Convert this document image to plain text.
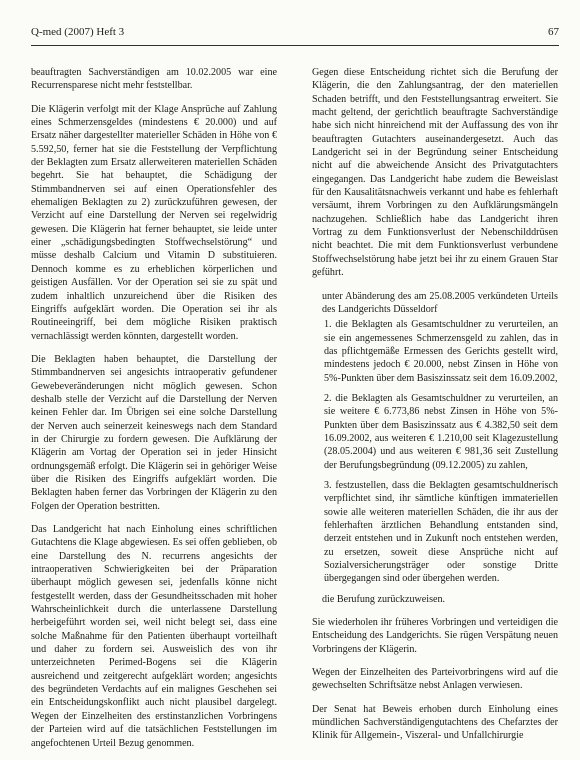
Q-med (2007) Heft 3	67

beauftragten Sachverständigen am 10.02.2005 war eine Recurrensparese nicht mehr feststellbar.

Die Klägerin verfolgt mit der Klage Ansprüche auf Zahlung eines Schmerzensgeldes (mindestens € 20.000) und auf Ersatz näher dargestellter materieller Schäden in Höhe von € 5.592,50, ferner hat sie die Feststellung der Verpflichtung der Beklagten zum Ersatz allerweiteren materiellen Schäden begehrt. Sie hat behauptet, die Schädigung der Stimmbandnerven sei auf einen Operationsfehler des ehemaligen Beklagten zu 2) zurückzuführen gewesen, der Verzicht auf eine Darstellung der Nerven sei regelwidrig gewesen. Die Klägerin hat ferner behauptet, sie leide unter einer „schädigungsbedingten Stoffwechselstörung“ und müsse deshalb Calcium und Vitamin D substituieren. Dennoch komme es zu erheblichen körperlichen und geistigen Ausfällen. Vor der Operation sei sie zu spät und zudem inhaltlich unzureichend über die Risiken des Eingriffs aufgeklärt worden. Die Operation sei ihr als Routineeingriff, bei dem mögliche Risiken praktisch vernachlässigt werden könnten, dargestellt worden.

Die Beklagten haben behauptet, die Darstellung der Stimmbandnerven sei angesichts intraoperativ gefundener Gewebeveränderungen nicht möglich gewesen. Schon deshalb stelle der Verzicht auf die Darstellung der Nerven keinen Fehler dar. Im Übrigen sei eine solche Darstellung der Nerven auch seinerzeit keineswegs nach dem Standard in der Chirurgie zu fordern gewesen. Die Aufklärung der Klägerin am Vortag der Operation sei in jeder Hinsicht ordnungsgemäß erfolgt. Die Klägerin sei in gehöriger Weise über die Risiken des Eingriffs aufgeklärt worden. Die Beklagten haben ferner das Vorbringen der Klägerin zu den Folgen der Operation bestritten.

Das Landgericht hat nach Einholung eines schriftlichen Gutachtens die Klage abgewiesen. Es sei offen geblieben, ob eine Darstellung des N. recurrens angesichts der intraoperativen Schwierigkeiten bei der Präparation überhaupt möglich gewesen sei, jedenfalls könne nicht festgestellt werden, dass der Gesundheitsschaden mit hoher Wahrscheinlichkeit durch die unterlassene Darstellung herbeigeführt worden sei, weil nicht belegt sei, dass eine solche Maßnahme für den Patienten überhaupt vorteilhaft und daher zu fordern sei. Ausweislich des von ihr unterzeichneten Perimed-Bogens sei die Klägerin ausreichend und zeitgerecht aufgeklärt worden; angesichts des begründeten Verdachts auf ein malignes Geschehen sei ein Entscheidungskonflikt auch nicht plausibel dargelegt. Wegen der Einzelheiten des erstinstanzlichen Vorbringens der Parteien wird auf die tatsächlichen Feststellungen im angefochtenen Urteil Bezug genommen.

Gegen diese Entscheidung richtet sich die Berufung der Klägerin, die den Zahlungsantrag, der den materiellen Schaden betrifft, und den Feststellungsantrag erweitert. Sie macht geltend, der gerichtlich beauftragte Sachverständige habe sich nicht hinreichend mit der Auffassung des von ihr beauftragten Gutachters auseinandergesetzt. Auch das Landgericht sei in der Begründung seiner Entscheidung nicht auf die abweichende Ansicht des Privatgutachters eingegangen. Das Landgericht habe zudem die Beweislast für den Kausalitätsnachweis verkannt und habe es fehlerhaft versäumt, ihrem Vorbringen zu den Aufklärungsmängeln nachzugehen. Schließlich habe das Landgericht ihren Vortrag zu dem Funktionsverlust der Nebenschilddrüsen nicht beachtet. Die mit dem Funktionsverlust verbundene Stoffwechselstörung habe jetzt bei ihr zu einem Grauen Star geführt.

unter Abänderung des am 25.08.2005 verkündeten Urteils des Landgerichts Düsseldorf

1. die Beklagten als Gesamtschuldner zu verurteilen, an sie ein angemessenes Schmerzensgeld zu zahlen, das in das pflichtgemäße Ermessen des Gerichts gestellt wird, mindestens jedoch € 20.000, nebst Zinsen in Höhe von 5%-Punkten über dem Basiszinssatz seit dem 16.09.2002,

2. die Beklagten als Gesamtschuldner zu verurteilen, an sie weitere € 6.773,86 nebst Zinsen in Höhe von 5%-Punkten über dem Basiszinssatz aus € 4.382,50 seit dem 16.09.2002, aus weiteren € 1.210,00 seit Klagezustellung (28.05.2004) und aus weiteren € 981,36 seit Zustellung der Berufungsbegründung (09.12.2005) zu zahlen,

3. festzustellen, dass die Beklagten gesamtschuldnerisch verpflichtet sind, ihr sämtliche künftigen immateriellen sowie alle weiteren materiellen Schäden, die ihr aus der fehlerhaften ärztlichen Behandlung entstanden sind, derzeit entstehen und in Zukunft noch entstehen werden, zu ersetzen, soweit diese Ansprüche nicht auf Sozialversicherungsträger oder sonstige Dritte übergegangen sind oder übergehen werden.

die Berufung zurückzuweisen.

Sie wiederholen ihr früheres Vorbringen und verteidigen die Entscheidung des Landgerichts. Sie rügen Verspätung neuen Vorbringens der Klägerin.

Wegen der Einzelheiten des Parteivorbringens wird auf die gewechselten Schriftsätze nebst Anlagen verwiesen.

Der Senat hat Beweis erhoben durch Einholung eines mündlichen Sachverständigengutachtens des Chefarztes der Klinik für Allgemein-, Viszeral- und Unfallchirurgie
